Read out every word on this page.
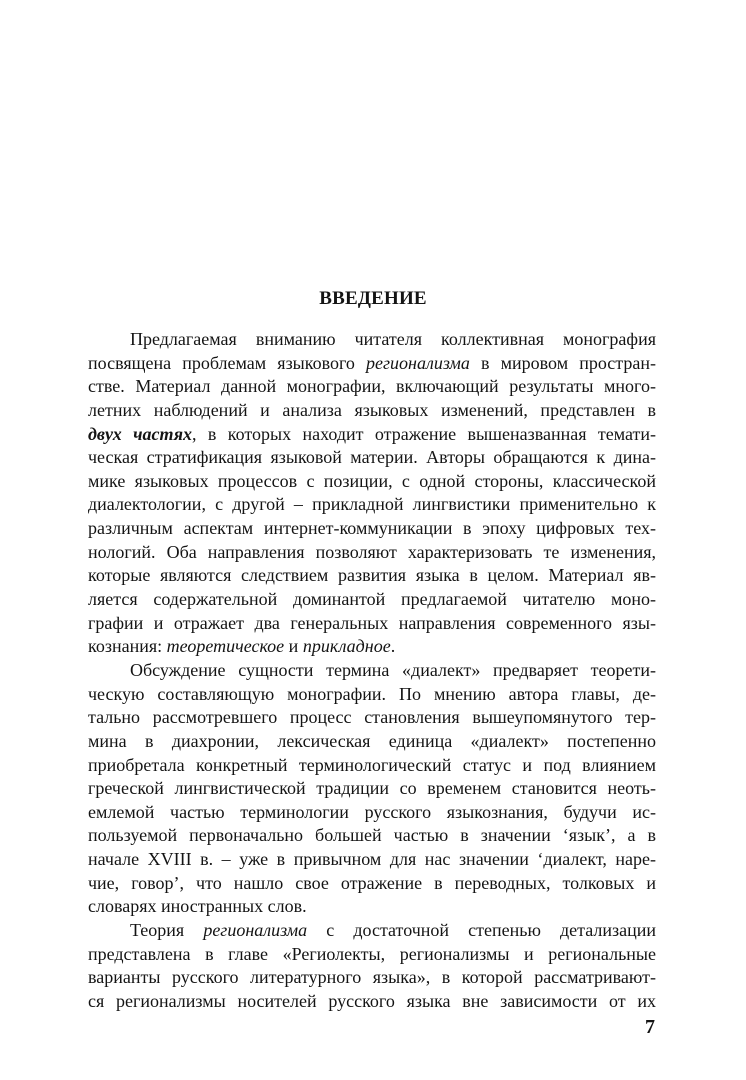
ВВЕДЕНИЕ
Предлагаемая вниманию читателя коллективная монография
посвящена проблемам языкового регионализма в мировом простран-
стве. Материал данной монографии, включающий результаты много-
летних наблюдений и анализа языковых изменений, представлен в
двух частях, в которых находит отражение вышеназванная темати-
ческая стратификация языковой материи. Авторы обращаются к дина-
мике языковых процессов с позиции, с одной стороны, классической
диалектологии, с другой – прикладной лингвистики применительно к
различным аспектам интернет-коммуникации в эпоху цифровых тех-
нологий. Оба направления позволяют характеризовать те изменения,
которые являются следствием развития языка в целом. Материал яв-
ляется содержательной доминантой предлагаемой читателю моно-
графии и отражает два генеральных направления современного язы-
кознания: теоретическое и прикладное.
Обсуждение сущности термина «диалект» предваряет теорети-
ческую составляющую монографии. По мнению автора главы, де-
тально рассмотревшего процесс становления вышеупомянутого тер-
мина в диахронии, лексическая единица «диалект» постепенно
приобретала конкретный терминологический статус и под влиянием
греческой лингвистической традиции со временем становится неоть-
емлемой частью терминологии русского языкознания, будучи ис-
пользуемой первоначально большей частью в значении ‘язык’, а в
начале XVIII в. – уже в привычном для нас значении ‘диалект, наре-
чие, говор’, что нашло свое отражение в переводных, толковых и
словарях иностранных слов.
Теория регионализма с достаточной степенью детализации
представлена в главе «Региолекты, регионализмы и региональные
варианты русского литературного языка», в которой рассматривают-
ся регионализмы носителей русского языка вне зависимости от их
7
